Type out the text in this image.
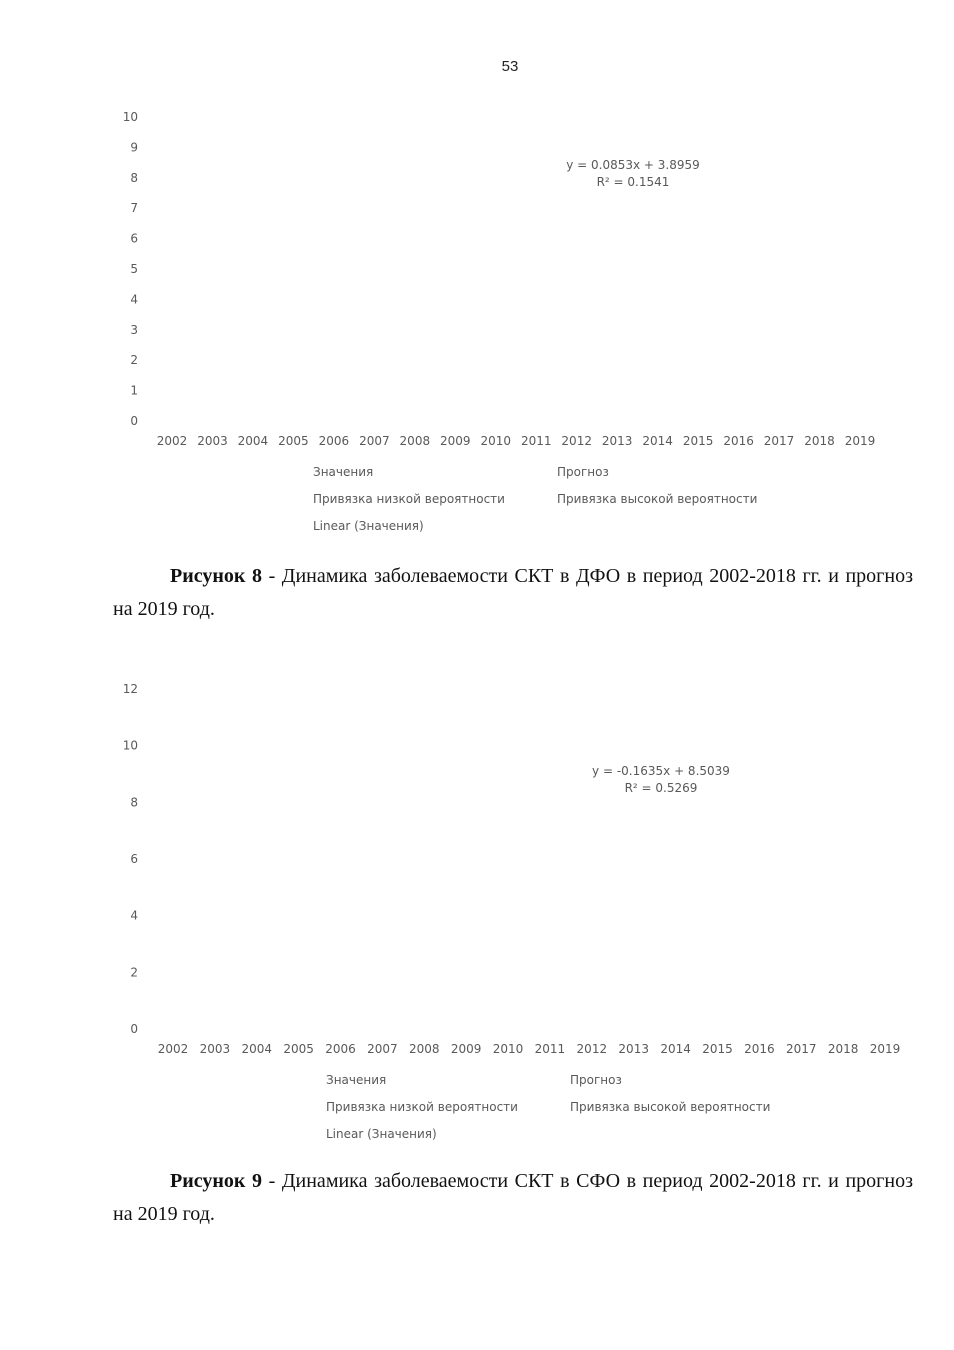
53
0
1
2
3
4
5
6
7
8
9
10
2002 2003 2004 2005 2006 2007 2008 2009 2010 2011 2012 2013 2014 2015 2016 2017 2018 2019
y = 0.0853x + 3.8959
R² = 0.1541
Значения	Прогноз
Привязка низкой вероятности	Привязка высокой вероятности
Linear (Значения)
Рисунок 8 - Динамика заболеваемости СКТ в ДФО в период 2002-2018 гг. и прогноз на 2019 год.
0
2
4
6
8
10
12
2002 2003 2004 2005 2006 2007 2008 2009 2010 2011 2012 2013 2014 2015 2016 2017 2018 2019
y = -0.1635x + 8.5039
R² = 0.5269
Значения	Прогноз
Привязка низкой вероятности	Привязка высокой вероятности
Linear (Значения)
Рисунок 9 - Динамика заболеваемости СКТ в СФО в период 2002-2018 гг. и прогноз на 2019 год.
